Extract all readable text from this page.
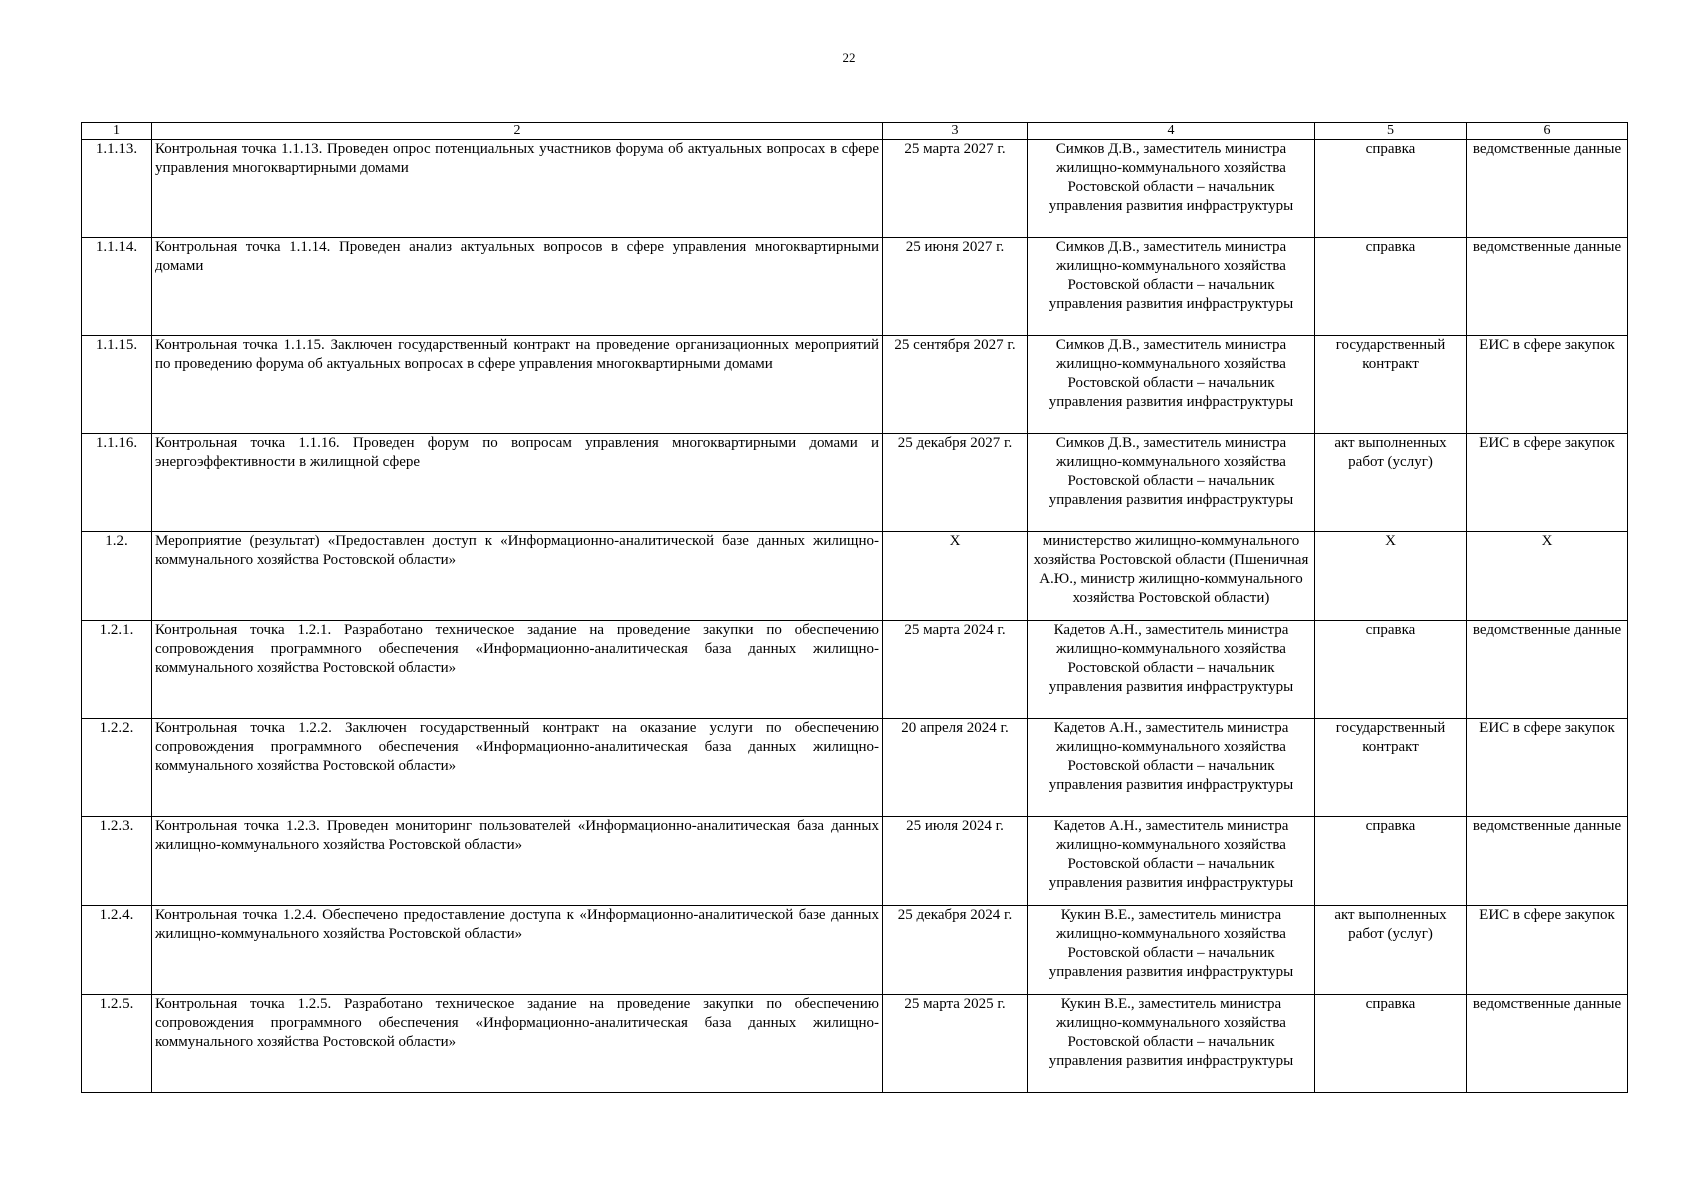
22
1	2	3	4	5	6
1.1.13.	Контрольная точка 1.1.13. Проведен опрос потенциальных участников форума об актуальных вопросах в сфере управления многоквартирными домами	25 марта 2027 г.	Симков Д.В., заместитель министра жилищно-коммунального хозяйства Ростовской области – начальник управления развития инфраструктуры	справка	ведомственные данные
1.1.14.	Контрольная точка 1.1.14. Проведен анализ актуальных вопросов в сфере управления многоквартирными домами	25 июня 2027 г.	Симков Д.В., заместитель министра жилищно-коммунального хозяйства Ростовской области – начальник управления развития инфраструктуры	справка	ведомственные данные
1.1.15.	Контрольная точка 1.1.15. Заключен государственный контракт на проведение организационных мероприятий по проведению форума об актуальных вопросах в сфере управления многоквартирными домами	25 сентября 2027 г.	Симков Д.В., заместитель министра жилищно-коммунального хозяйства Ростовской области – начальник управления развития инфраструктуры	государственный контракт	ЕИС в сфере закупок
1.1.16.	Контрольная точка 1.1.16. Проведен форум по вопросам управления многоквартирными домами и энергоэффективности в жилищной сфере	25 декабря 2027 г.	Симков Д.В., заместитель министра жилищно-коммунального хозяйства Ростовской области – начальник управления развития инфраструктуры	акт выполненных работ (услуг)	ЕИС в сфере закупок
1.2.	Мероприятие (результат) «Предоставлен доступ к «Информационно-аналитической базе данных жилищно-коммунального хозяйства Ростовской области»	Х	министерство жилищно-коммунального хозяйства Ростовской области (Пшеничная А.Ю., министр жилищно-коммунального хозяйства Ростовской области)	Х	Х
1.2.1.	Контрольная точка 1.2.1. Разработано техническое задание на проведение закупки по обеспечению сопровождения программного обеспечения «Информационно-аналитическая база данных жилищно-коммунального хозяйства Ростовской области»	25 марта 2024 г.	Кадетов А.Н., заместитель министра жилищно-коммунального хозяйства Ростовской области – начальник управления развития инфраструктуры	справка	ведомственные данные
1.2.2.	Контрольная точка 1.2.2. Заключен государственный контракт на оказание услуги по обеспечению сопровождения программного обеспечения «Информационно-аналитическая база данных жилищно-коммунального хозяйства Ростовской области»	20 апреля 2024 г.	Кадетов А.Н., заместитель министра жилищно-коммунального хозяйства Ростовской области – начальник управления развития инфраструктуры	государственный контракт	ЕИС в сфере закупок
1.2.3.	Контрольная точка 1.2.3. Проведен мониторинг пользователей «Информационно-аналитическая база данных жилищно-коммунального хозяйства Ростовской области»	25 июля 2024 г.	Кадетов А.Н., заместитель министра жилищно-коммунального хозяйства Ростовской области – начальник управления развития инфраструктуры	справка	ведомственные данные
1.2.4.	Контрольная точка 1.2.4. Обеспечено предоставление доступа к «Информационно-аналитической базе данных жилищно-коммунального хозяйства Ростовской области»	25 декабря 2024 г.	Кукин В.Е., заместитель министра жилищно-коммунального хозяйства Ростовской области – начальник управления развития инфраструктуры	акт выполненных работ (услуг)	ЕИС в сфере закупок
1.2.5.	Контрольная точка 1.2.5. Разработано техническое задание на проведение закупки по обеспечению сопровождения программного обеспечения «Информационно-аналитическая база данных жилищно-коммунального хозяйства Ростовской области»	25 марта 2025 г.	Кукин В.Е., заместитель министра жилищно-коммунального хозяйства Ростовской области – начальник управления развития инфраструктуры	справка	ведомственные данные
